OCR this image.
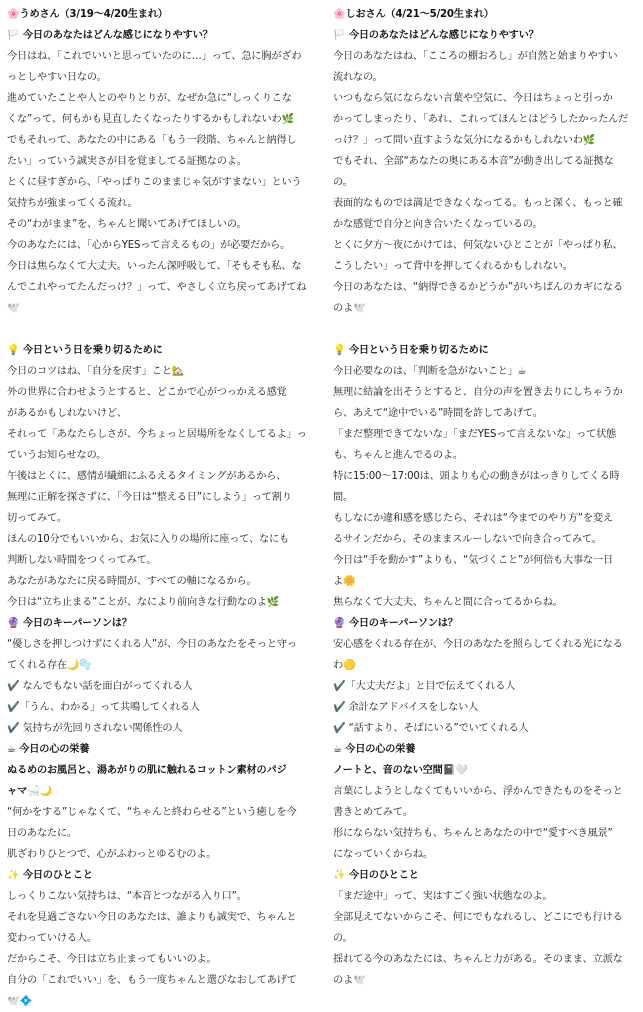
🌸うめさん（3/19〜4/20生まれ）
🏳️ 今日のあなたはどんな感じになりやすい？
今日はね、「これでいいと思っていたのに…」って、急に胸がざわ
っとしやすい日なの。
進めていたことや人とのやりとりが、なぜか急に“しっくりこな
くな”って、何もかも見直したくなったりするかもしれないわ🌿
でもそれって、あなたの中にある「もう一段階、ちゃんと納得し
たい」っていう誠実さが目を覚ましてる証拠なのよ。
とくに昼すぎから、「やっぱりこのままじゃ気がすまない」という
気持ちが強まってくる流れ。
その“わがまま”を、ちゃんと聞いてあげてほしいの。
今のあなたには、「心からYESって言えるもの」が必要だから。
今日は焦らなくて大丈夫。いったん深呼吸して、「そもそも私、な
んでこれやってたんだっけ？」って、やさしく立ち戻ってあげてね
🕊️
💡 今日という日を乗り切るために
今日のコツはね、「自分を戻す」こと🏡
外の世界に合わせようとすると、どこかで心がつっかえる感覚
があるかもしれないけど、
それって「あなたらしさが、今ちょっと居場所をなくしてるよ」っ
ていうお知らせなの。
午後はとくに、感情が繊細にふるえるタイミングがあるから、
無理に正解を探さずに、「今日は“整える日”にしよう」って割り
切ってみて。
ほんの10分でもいいから、お気に入りの場所に座って、なにも
判断しない時間をつくってみて。
あなたがあなたに戻る時間が、すべての軸になるから。
今日は“立ち止まる”ことが、なにより前向きな行動なのよ🌿
🔮 今日のキーパーソンは？
“優しさを押しつけずにくれる人”が、今日のあなたをそっと守っ
てくれる存在🌙🫧
✔️ なんでもない話を面白がってくれる人
✔️「うん、わかる」って共鳴してくれる人
✔️ 気持ちが先回りされない関係性の人
☕ 今日の心の栄養
ぬるめのお風呂と、湯あがりの肌に触れるコットン素材のパジ
ャマ🛁🌙
“何かをする”じゃなくて、“ちゃんと終わらせる”という癒しを今
日のあなたに。
肌ざわりひとつで、心がふわっとゆるむのよ。
✨ 今日のひとこと
しっくりこない気持ちは、“本音とつながる入り口”。
それを見過ごさない今日のあなたは、誰よりも誠実で、ちゃんと
変わっていける人。
だからこそ、今日は立ち止まってもいいのよ。
自分の「これでいい」を、もう一度ちゃんと選びなおしてあげて
🕊️💠
🌸しおさん（4/21〜5/20生まれ）
🏳️ 今日のあなたはどんな感じになりやすい？
今日のあなたはね、「こころの棚おろし」が自然と始まりやすい
流れなの。
いつもなら気にならない言葉や空気に、今日はちょっと引っか
かってしまったり、「あれ、これってほんとはどうしたかったんだ
っけ？」って問い直すような気分になるかもしれないわ🌿
でもそれ、全部“あなたの奥にある本音”が動き出してる証拠な
の。
表面的なものでは満足できなくなってる。もっと深く、もっと確
かな感覚で自分と向き合いたくなっているの。
とくに夕方〜夜にかけては、何気ないひとことが「やっぱり私、
こうしたい」って背中を押してくれるかもしれない。
今日のあなたは、“納得できるかどうか”がいちばんのカギになる
のよ🕊️
💡 今日という日を乗り切るために
今日必要なのは、「判断を急がないこと」☕
無理に結論を出そうとすると、自分の声を置き去りにしちゃうか
ら、あえて“途中でいる”時間を許してあげて。
「まだ整理できてないな」「まだYESって言えないな」って状態
も、ちゃんと進んでるのよ。
特に15:00〜17:00は、頭よりも心の動きがはっきりしてくる時
間。
もしなにか違和感を感じたら、それは“今までのやり方”を変え
るサインだから、そのままスルーしないで向き合ってみて。
今日は“手を動かす”よりも、“気づくこと”が何倍も大事な一日
よ🌼
焦らなくて大丈夫、ちゃんと間に合ってるからね。
🔮 今日のキーパーソンは？
安心感をくれる存在が、今日のあなたを照らしてくれる光になる
わ🟡
✔️「大丈夫だよ」と目で伝えてくれる人
✔️ 余計なアドバイスをしない人
✔️ “話すより、そばにいる”でいてくれる人
☕ 今日の心の栄養
ノートと、音のない空間📓🤍
言葉にしようとしなくてもいいから、浮かんできたものをそっと
書きとめてみて。
形にならない気持ちも、ちゃんとあなたの中で“愛すべき風景”
になっていくからね。
✨ 今日のひとこと
「まだ途中」って、実はすごく強い状態なのよ。
全部見えてないからこそ、何にでもなれるし、どこにでも行ける
の。
揺れてる今のあなたには、ちゃんと力がある。そのまま、立派な
のよ🕊️
